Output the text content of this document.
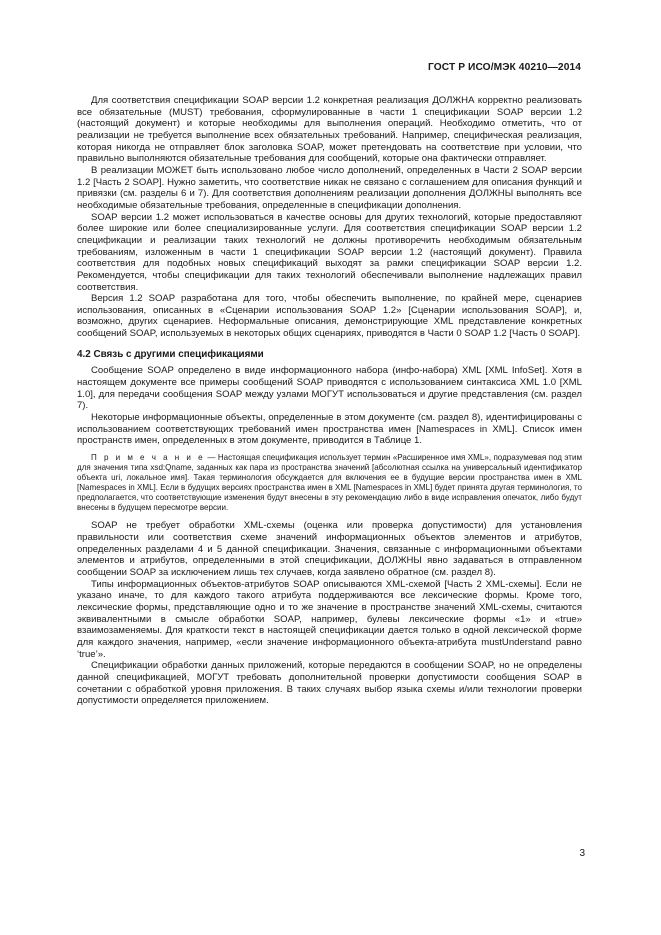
ГОСТ Р ИСО/МЭК 40210—2014

Для соответствия спецификации SOAP версии 1.2 конкретная реализация ДОЛЖНА корректно реализовать все обязательные (MUST) требования, сформулированные в части 1 спецификации SOAP версии 1.2 (настоящий документ) и которые необходимы для выполнения операций. Необходимо отметить, что от реализации не требуется выполнение всех обязательных требований. Например, специфическая реализация, которая никогда не отправляет блок заголовка SOAP, может претендовать на соответствие при условии, что правильно выполняются обязательные требования для сообщений, которые она фактически отправляет.

В реализации МОЖЕТ быть использовано любое число дополнений, определенных в Части 2 SOAP версии 1.2 [Часть 2 SOAP]. Нужно заметить, что соответствие никак не связано с соглашением для описания функций и привязки (см. разделы 6 и 7). Для соответствия дополнениям реализации дополнения ДОЛЖНЫ выполнять все необходимые обязательные требования, определенные в спецификации дополнения.

SOAP версии 1.2 может использоваться в качестве основы для других технологий, которые предоставляют более широкие или более специализированные услуги. Для соответствия спецификации SOAP версии 1.2 спецификации и реализации таких технологий не должны противоречить необходимым обязательным требованиям, изложенным в части 1 спецификации SOAP версии 1.2 (настоящий документ). Правила соответствия для подобных новых спецификаций выходят за рамки спецификации SOAP версии 1.2. Рекомендуется, чтобы спецификации для таких технологий обеспечивали выполнение надлежащих правил соответствия.

Версия 1.2 SOAP разработана для того, чтобы обеспечить выполнение, по крайней мере, сценариев использования, описанных в «Сценарии использования SOAP 1.2» [Сценарии использования SOAP], и, возможно, других сценариев. Неформальные описания, демонстрирующие XML представление конкретных сообщений SOAP, используемых в некоторых общих сценариях, приводятся в Части 0 SOAP 1.2 [Часть 0 SOAP].

4.2 Связь с другими спецификациями

Сообщение SOAP определено в виде информационного набора (инфо-набора) XML [XML InfoSet]. Хотя в настоящем документе все примеры сообщений SOAP приводятся с использованием синтаксиса XML 1.0 [XML 1.0], для передачи сообщения SOAP между узлами МОГУТ использоваться и другие представления (см. раздел 7).

Некоторые информационные объекты, определенные в этом документе (см. раздел 8), идентифицированы с использованием соответствующих требований имен пространства имен [Namespaces in XML]. Список имен пространств имен, определенных в этом документе, приводится в Таблице 1.

П р и м е ч а н и е — Настоящая спецификация использует термин «Расширенное имя XML», подразумевая под этим для значения типа xsd:Qname, заданных как пара из пространства значений [абсолютная ссылка на универсальный идентификатор объекта uri, локальное имя]. Такая терминология обсуждается для включения ее в будущие версии пространства имен в XML [Namespaces in XML]. Если в будущих версиях пространства имен в XML [Namespaces in XML] будет принята другая терминология, то предполагается, что соответствующие изменения будут внесены в эту рекомендацию либо в виде исправления опечаток, либо будут внесены в будущем пересмотре версии.

SOAP не требует обработки XML-схемы (оценка или проверка допустимости) для установления правильности или соответствия схеме значений информационных объектов элементов и атрибутов, определенных разделами 4 и 5 данной спецификации. Значения, связанные с информационными объектами элементов и атрибутов, определенными в этой спецификации, ДОЛЖНЫ явно задаваться в отправленном сообщении SOAP за исключением лишь тех случаев, когда заявлено обратное (см. раздел 8).

Типы информационных объектов-атрибутов SOAP описываются XML-схемой [Часть 2 XML-схемы]. Если не указано иначе, то для каждого такого атрибута поддерживаются все лексические формы. Кроме того, лексические формы, представляющие одно и то же значение в пространстве значений XML-схемы, считаются эквивалентными в смысле обработки SOAP, например, булевы лексические формы «1» и «true» взаимозаменяемы. Для краткости текст в настоящей спецификации дается только в одной лексической форме для каждого значения, например, «если значение информационного объекта-атрибута mustUnderstand равно ‘true’».

Спецификации обработки данных приложений, которые передаются в сообщении SOAP, но не определены данной спецификацией, МОГУТ требовать дополнительной проверки допустимости сообщения SOAP в сочетании с обработкой уровня приложения. В таких случаях выбор языка схемы и/или технологии проверки допустимости определяется приложением.

3
